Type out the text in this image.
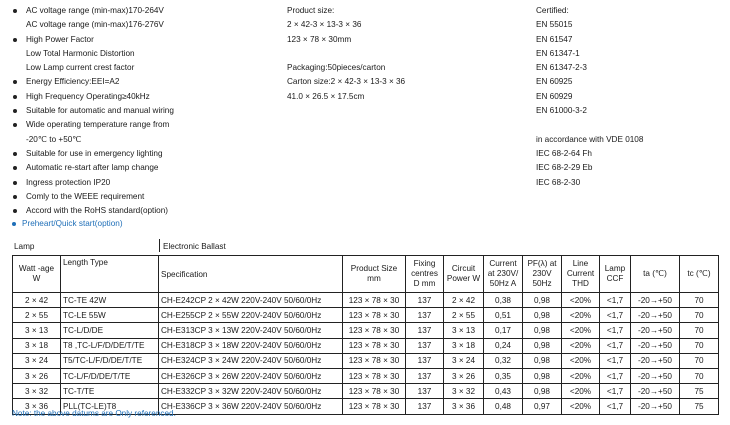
AC voltage range (min-max)170-264V
AC voltage range (min-max)176-276V
High Power Factor
Low Total Harmonic Distortion
Low Lamp current crest factor
Energy Efficiency:EEI=A2
High Frequency Operating≥40kHz
Suitable for automatic and manual wiring
Wide operating temperature range from
-20℃ to +50℃
Suitable for use in emergency lighting
Automatic re-start after lamp change
Ingress protection IP20
Comly to the WEEE requirement
Accord with the RoHS standard(option)
Product size:
2 × 42-3 × 13-3 × 36
123 × 78 × 30mm
Packaging:50pieces/carton
Carton size:2 × 42-3 × 13-3 × 36
41.0 × 26.5 × 17.5cm
Certified:
EN 55015
EN 61547
EN 61347-1
EN 61347-2-3
EN 60925
EN 60929
EN 61000-3-2
in accordance with VDE 0108
IEC 68-2-64 Fh
IEC 68-2-29 Eb
IEC 68-2-30
Preheart/Quick start(option)
Lamp	Electronic Ballast
Watt -age W	Length Type	Specification	Product Size mm	Fixing centres D mm	Circuit Power W	Current at 230V/ 50Hz A	PF(λ) at 230V 50Hz	Line Current THD	Lamp CCF	ta (℃)	tc (℃)
2 × 42	TC-TE 42W	CH-E242CP 2 × 42W 220V-240V 50/60/0Hz	123 × 78 × 30	137	2 × 42	0,38	0,98	<20%	<1,7	-20→+50	70
2 × 55	TC-LE 55W	CH-E255CP 2 × 55W 220V-240V 50/60/0Hz	123 × 78 × 30	137	2 × 55	0,51	0,98	<20%	<1,7	-20→+50	70
3 × 13	TC-L/D/DE	CH-E313CP 3 × 13W 220V-240V 50/60/0Hz	123 × 78 × 30	137	3 × 13	0,17	0,98	<20%	<1,7	-20→+50	70
3 × 18	T8 ,TC-L/F/D/DE/T/TE	CH-E318CP 3 × 18W 220V-240V 50/60/0Hz	123 × 78 × 30	137	3 × 18	0,24	0,98	<20%	<1,7	-20→+50	70
3 × 24	T5/TC-L/F/D/DE/T/TE	CH-E324CP 3 × 24W 220V-240V 50/60/0Hz	123 × 78 × 30	137	3 × 24	0,32	0,98	<20%	<1,7	-20→+50	70
3 × 26	TC-L/F/D/DE/T/TE	CH-E326CP 3 × 26W 220V-240V 50/60/0Hz	123 × 78 × 30	137	3 × 26	0,35	0,98	<20%	<1,7	-20→+50	70
3 × 32	TC-T/TE	CH-E332CP 3 × 32W 220V-240V 50/60/0Hz	123 × 78 × 30	137	3 × 32	0,43	0,98	<20%	<1,7	-20→+50	75
3 × 36	PLL(TC-LE)T8	CH-E336CP 3 × 36W 220V-240V 50/60/0Hz	123 × 78 × 30	137	3 × 36	0,48	0,97	<20%	<1,7	-20→+50	75
Note: the above datums are Only referenced.
